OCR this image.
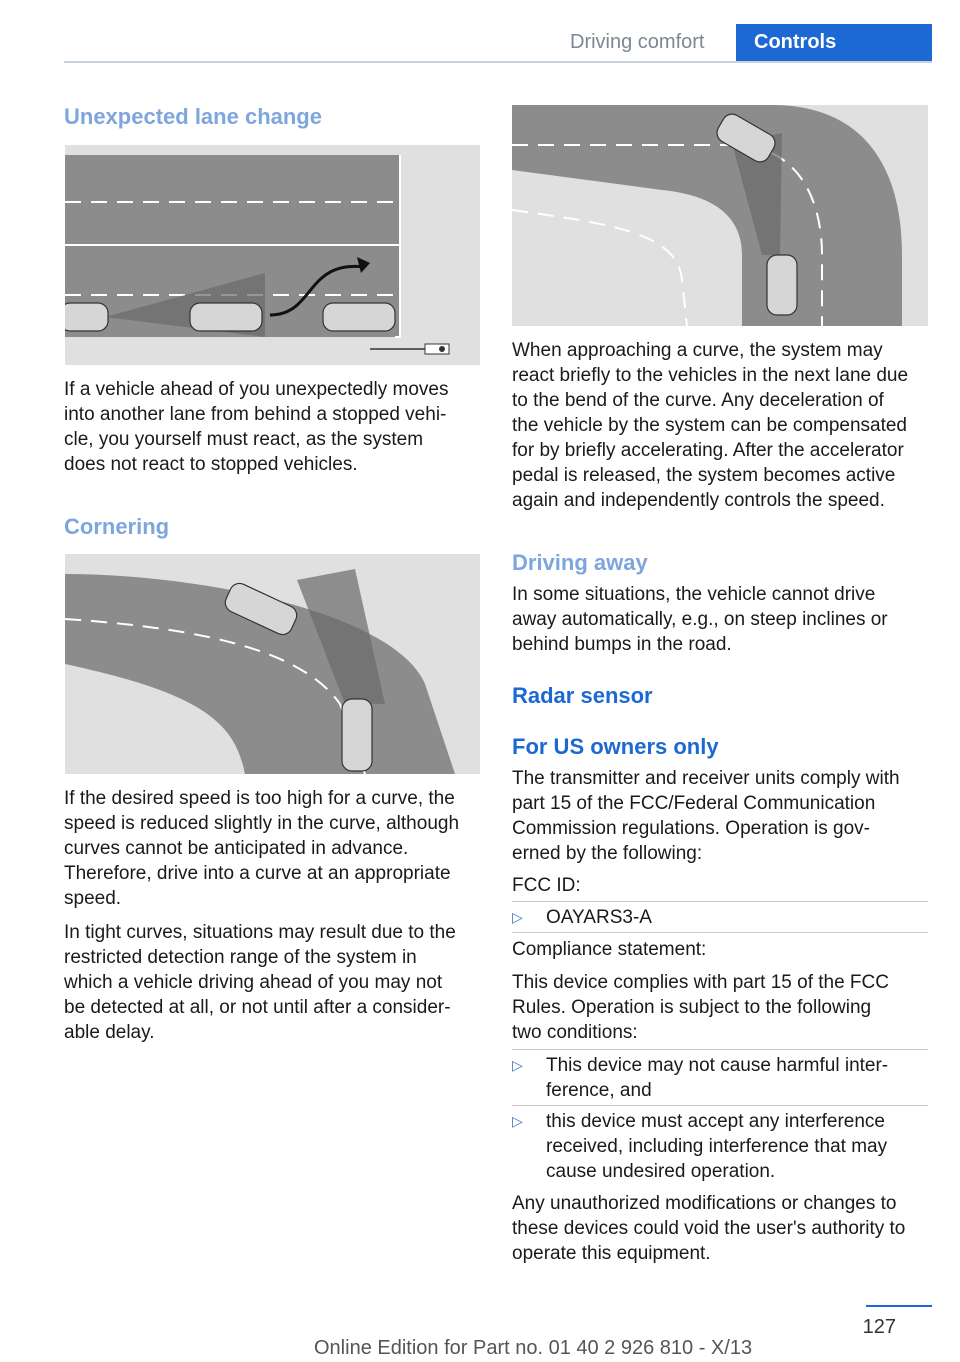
Driving comfort	Controls
Unexpected lane change
If a vehicle ahead of you unexpectedly moves
into another lane from behind a stopped vehi-
cle, you yourself must react, as the system
does not react to stopped vehicles.
Cornering
If the desired speed is too high for a curve, the
speed is reduced slightly in the curve, although
curves cannot be anticipated in advance.
Therefore, drive into a curve at an appropriate
speed.
In tight curves, situations may result due to the
restricted detection range of the system in
which a vehicle driving ahead of you may not
be detected at all, or not until after a consider-
able delay.
When approaching a curve, the system may
react briefly to the vehicles in the next lane due
to the bend of the curve. Any deceleration of
the vehicle by the system can be compensated
for by briefly accelerating. After the accelerator
pedal is released, the system becomes active
again and independently controls the speed.
Driving away
In some situations, the vehicle cannot drive
away automatically, e.g., on steep inclines or
behind bumps in the road.
Radar sensor
For US owners only
The transmitter and receiver units comply with
part 15 of the FCC/Federal Communication
Commission regulations. Operation is gov-
erned by the following:
FCC ID:
▷ OAYARS3-A
Compliance statement:
This device complies with part 15 of the FCC
Rules. Operation is subject to the following
two conditions:
▷ This device may not cause harmful inter-
ference, and
▷ this device must accept any interference
received, including interference that may
cause undesired operation.
Any unauthorized modifications or changes to
these devices could void the user's authority to
operate this equipment.
127
Online Edition for Part no. 01 40 2 926 810 - X/13
